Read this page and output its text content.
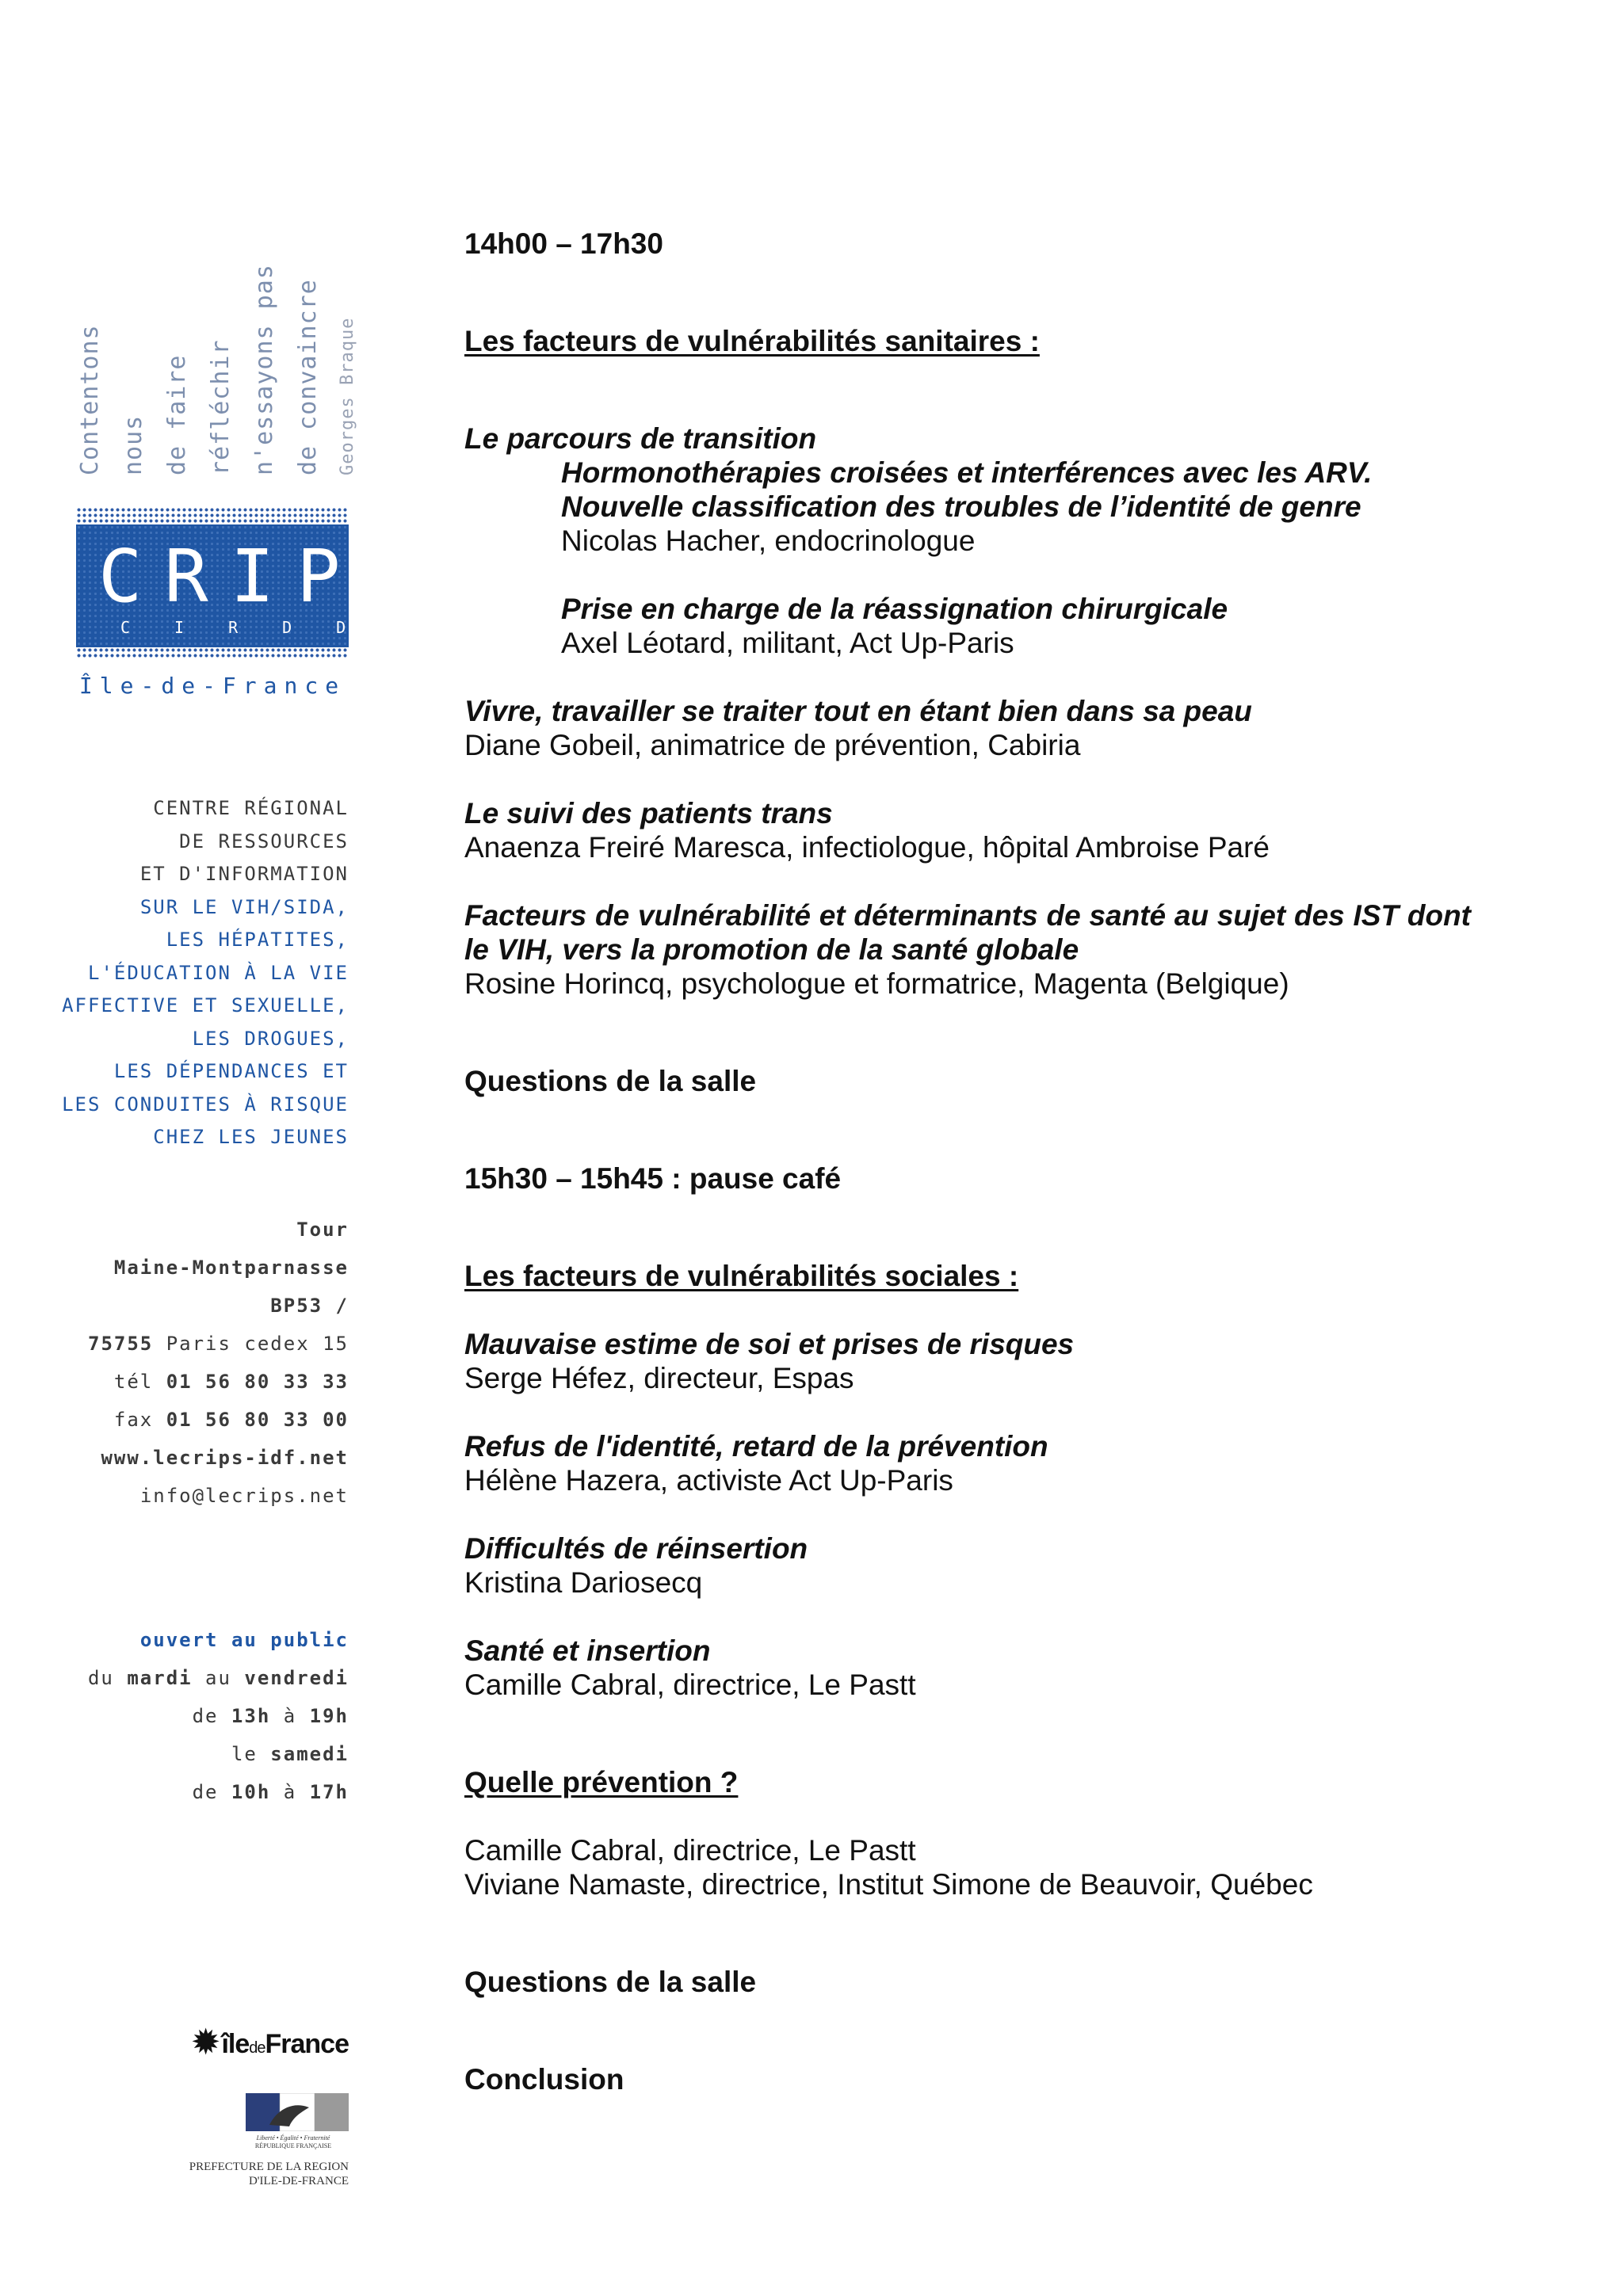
Contentons nous de faire réfléchir n'essayons pas de convaincre Georges Braque
CRIPS
CIRDD
Île-de-France
CENTRE RÉGIONAL
DE RESSOURCES
ET D'INFORMATION
SUR LE VIH/SIDA,
LES HÉPATITES,
L'ÉDUCATION À LA VIE
AFFECTIVE ET SEXUELLE,
LES DROGUES,
LES DÉPENDANCES ET
LES CONDUITES À RISQUE
CHEZ LES JEUNES
Tour
Maine-Montparnasse
BP53 /
75755 Paris cedex 15
tél 01 56 80 33 33
fax 01 56 80 33 00
www.lecrips-idf.net
info@lecrips.net
ouvert au public
du mardi au vendredi
de 13h à 19h
le samedi
de 10h à 17h
✹ îledeFrance
Liberté • Égalité • Fraternité
RÉPUBLIQUE FRANÇAISE
PREFECTURE DE LA REGION
D'ILE-DE-FRANCE

14h00 – 17h30

Les facteurs de vulnérabilités sanitaires :

Le parcours de transition

Hormonothérapies croisées et interférences avec les ARV.

Nouvelle classification des troubles de l’identité de genre

Nicolas Hacher, endocrinologue

Prise en charge de la réassignation chirurgicale

Axel Léotard, militant, Act Up-Paris

Vivre, travailler se traiter tout en étant bien dans sa peau

Diane Gobeil, animatrice de prévention, Cabiria

Le suivi des patients trans

Anaenza Freiré Maresca, infectiologue, hôpital Ambroise Paré

Facteurs de vulnérabilité et déterminants de santé au sujet des IST dont le VIH, vers la promotion de la santé globale

Rosine Horincq, psychologue et formatrice, Magenta (Belgique)

Questions de la salle

15h30 – 15h45 : pause café

Les facteurs de vulnérabilités sociales :

Mauvaise estime de soi et prises de risques

Serge Héfez, directeur, Espas

Refus de l'identité, retard de la prévention

Hélène Hazera, activiste Act Up-Paris

Difficultés de réinsertion

Kristina Dariosecq

Santé et insertion

Camille Cabral, directrice, Le Pastt

Quelle prévention ?

Camille Cabral, directrice, Le Pastt

Viviane Namaste, directrice, Institut Simone de Beauvoir, Québec

Questions de la salle

Conclusion
